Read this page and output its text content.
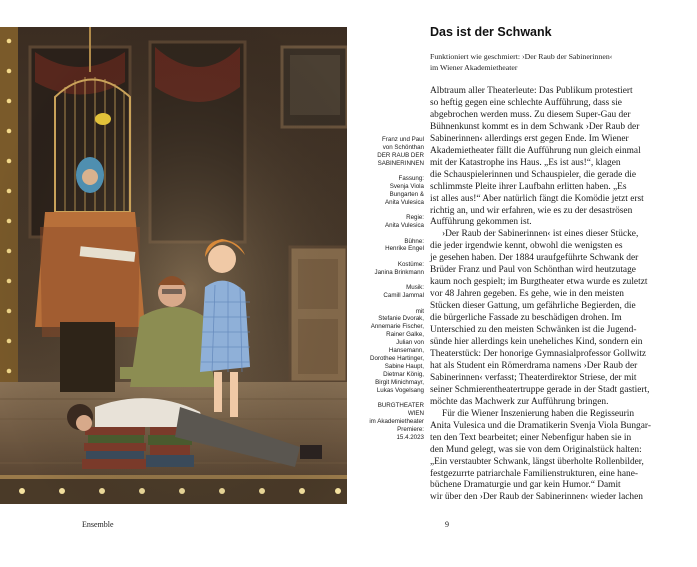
Franz und Paul
von Schönthan
DER RAUB DER
SABINERINNEN
Fassung:
Svenja Viola
Bungarten &
Anita Vulesica
Regie:
Anita Vulesica
Bühne:
Henrike Engel
Kostüme:
Janina Brinkmann
Musik:
Camill Jammal
mit
Stefanie Dvorak,
Annemarie Fischer,
Rainer Galke,
Julian von
Hansemann,
Dorothee Hartinger,
Sabine Haupt,
Dietmar König,
Birgit Minichmayr,
Lukas Vogelsang
BURGTHEATER
WIEN
im Akademietheater
Premiere:
15.4.2023
Das ist der Schwank
Funktioniert wie geschmiert: ›Der Raub der Sabinerinnen‹
im Wiener Akademietheater
Albtraum aller Theaterleute: Das Publikum protestiert
so heftig gegen eine schlechte Aufführung, dass sie
abgebrochen werden muss. Zu diesem Super-Gau der
Bühnenkunst kommt es in dem Schwank ›Der Raub der
Sabinerinnen‹ allerdings erst gegen Ende. Im Wiener
Akademietheater fällt die Aufführung nun gleich einmal
mit der Katastrophe ins Haus. „Es ist aus!“, klagen
die Schauspielerinnen und Schauspieler, die gerade die
schlimmste Pleite ihrer Laufbahn erlitten haben. „Es
ist alles aus!“ Aber natürlich fängt die Komödie jetzt erst
richtig an, und wir erfahren, wie es zu der desaströsen
Aufführung gekommen ist.
›Der Raub der Sabinerinnen‹ ist eines dieser Stücke,
die jeder irgendwie kennt, obwohl die wenigsten es
je gesehen haben. Der 1884 uraufgeführte Schwank der
Brüder Franz und Paul von Schönthan wird heutzutage
kaum noch gespielt; im Burgtheater etwa wurde es zuletzt
vor 48 Jahren gegeben. Es gehe, wie in den meisten
Stücken dieser Gattung, um gefährliche Begierden, die
die bürgerliche Fassade zu beschädigen drohen. Im
Unterschied zu den meisten Schwänken ist die Jugend-
sünde hier allerdings kein uneheliches Kind, sondern ein
Theaterstück: Der honorige Gymnasialprofessor Gollwitz
hat als Student ein Römerdrama namens ›Der Raub der
Sabinerinnen‹ verfasst; Theaterdirektor Striese, der mit
seiner Schmierentheatertruppe gerade in der Stadt gastiert,
möchte das Machwerk zur Aufführung bringen.
Für die Wiener Inszenierung haben die Regisseurin
Anita Vulesica und die Dramatikerin Svenja Viola Bungar-
ten den Text bearbeitet; einer Nebenfigur haben sie in
den Mund gelegt, was sie von dem Originalstück halten:
„Ein verstaubter Schwank, längst überholte Rollenbilder,
festgezurrte patriarchale Familienstrukturen, eine hane-
büchene Dramaturgie und gar kein Humor.“ Damit
wir über den ›Der Raub der Sabinerinnen‹ wieder lachen
Ensemble	9
